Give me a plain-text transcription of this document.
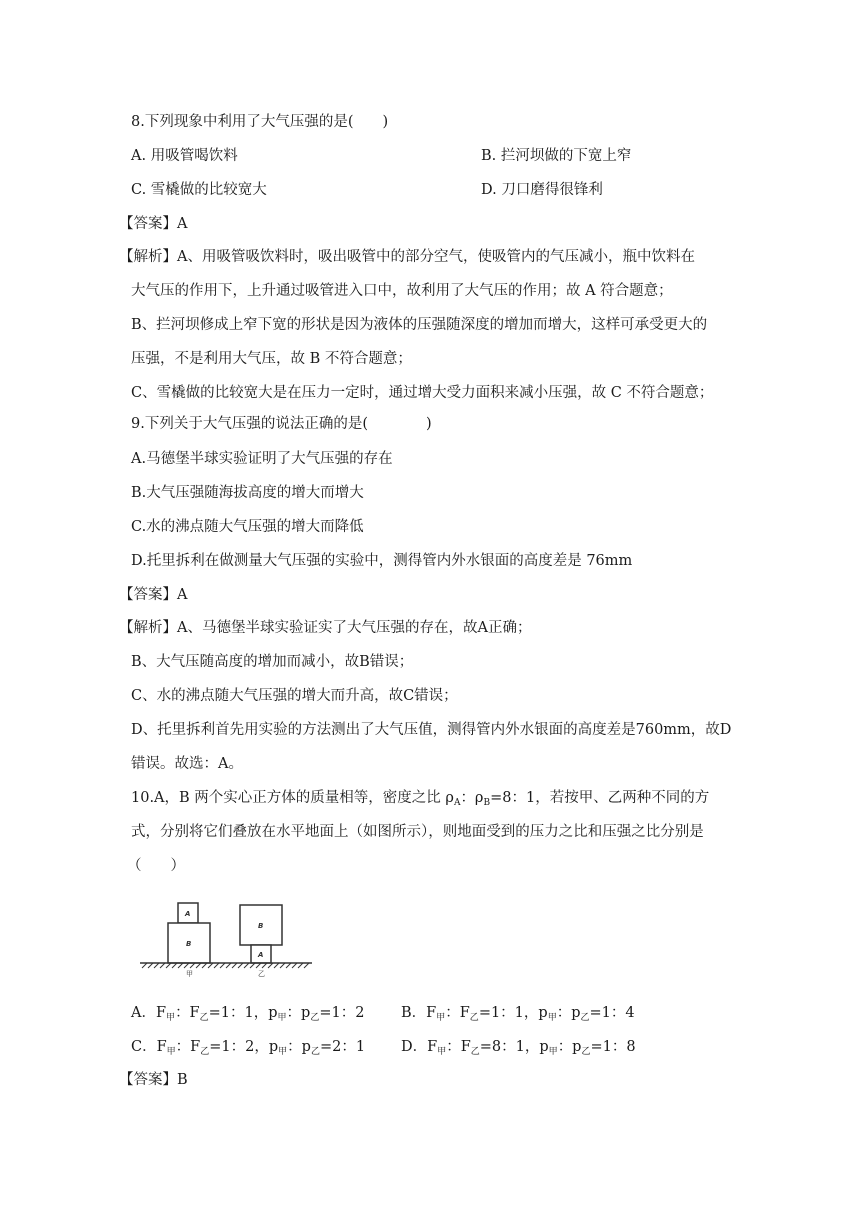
8.下列现象中利用了大气压强的是(　　)
A. 用吸管喝饮料	B. 拦河坝做的下宽上窄
C. 雪橇做的比较宽大	D. 刀口磨得很锋利
【答案】A
【解析】A、用吸管吸饮料时，吸出吸管中的部分空气，使吸管内的气压减小，瓶中饮料在
大气压的作用下，上升通过吸管进入口中，故利用了大气压的作用；故 A 符合题意；
B、拦河坝修成上窄下宽的形状是因为液体的压强随深度的增加而增大，这样可承受更大的
压强，不是利用大气压，故 B 不符合题意；
C、雪橇做的比较宽大是在压力一定时，通过增大受力面积来减小压强，故 C 不符合题意；
9.下列关于大气压强的说法正确的是(　　　　)
A.马德堡半球实验证明了大气压强的存在
B.大气压强随海拔高度的增大而增大
C.水的沸点随大气压强的增大而降低
D.托里拆利在做测量大气压强的实验中，测得管内外水银面的高度差是 76mm
【答案】A
【解析】A、马德堡半球实验证实了大气压强的存在，故A正确；
B、大气压随高度的增加而减小，故B错误；
C、水的沸点随大气压强的增大而升高，故C错误；
D、托里拆利首先用实验的方法测出了大气压值，测得管内外水银面的高度差是760mm，故D
错误。故选：A。
10.A，B 两个实心正方体的质量相等，密度之比 $\rho_A$：$\rho_B=8$：1，若按甲、乙两种不同的方
式，分别将它们叠放在水平地面上（如图所示），则地面受到的压力之比和压强之比分别是
（　　）
A
B
B
A
甲	乙
A．$F_甲$：$F_乙=1$：1，$p_甲$：$p_乙=1$：2	B．$F_甲$：$F_乙=1$：1，$p_甲$：$p_乙=1$：4
C．$F_甲$：$F_乙=1$：2，$p_甲$：$p_乙=2$：1 D．$F_甲$：$F_乙=8$：1，$p_甲$：$p_乙=1$：8
【答案】B
